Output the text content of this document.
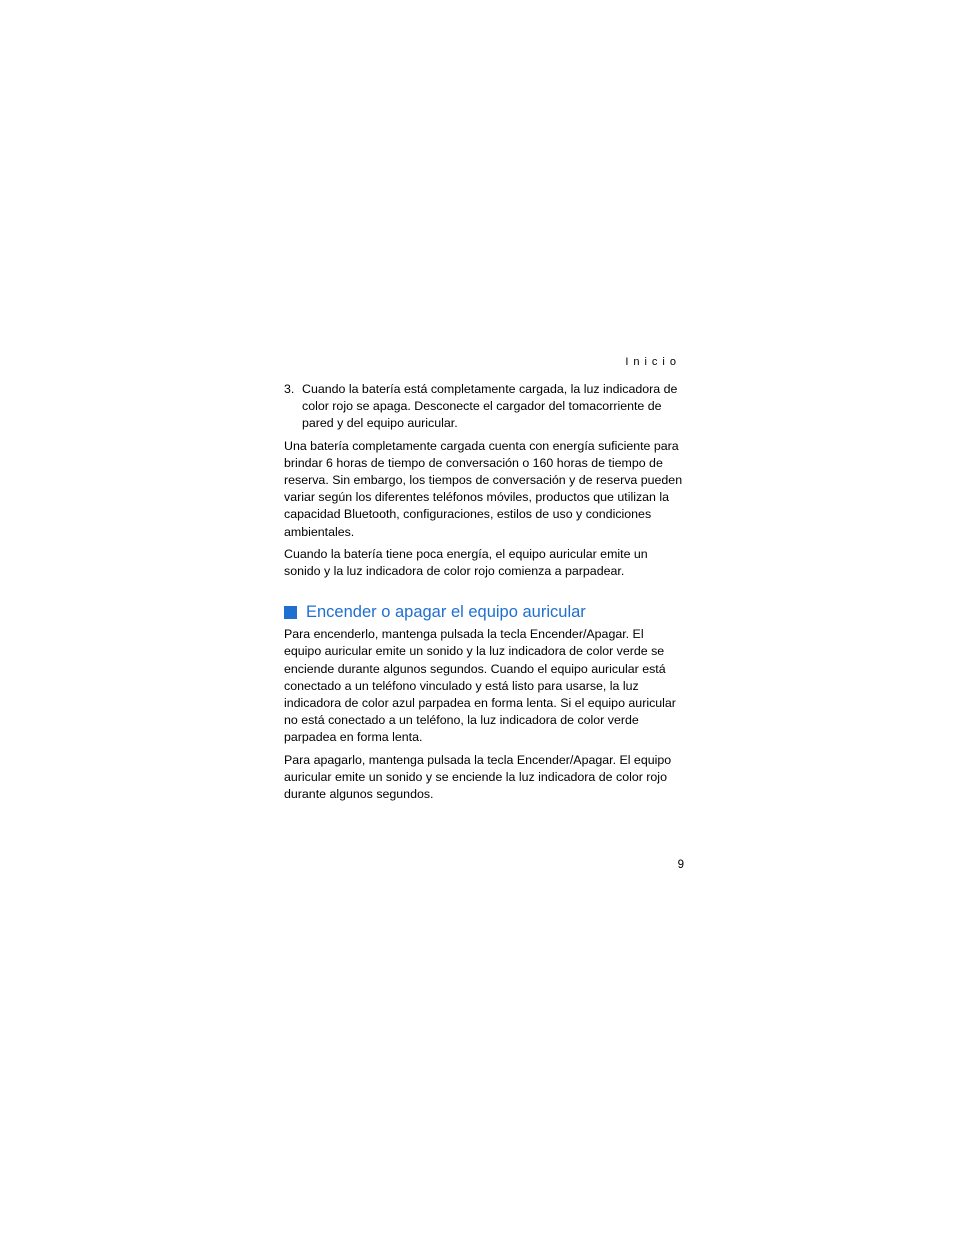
Inicio
3. Cuando la batería está completamente cargada, la luz indicadora de color rojo se apaga. Desconecte el cargador del tomacorriente de pared y del equipo auricular.

Una batería completamente cargada cuenta con energía suficiente para brindar 6 horas de tiempo de conversación o 160 horas de tiempo de reserva. Sin embargo, los tiempos de conversación y de reserva pueden variar según los diferentes teléfonos móviles, productos que utilizan la capacidad Bluetooth, configuraciones, estilos de uso y condiciones ambientales.

Cuando la batería tiene poca energía, el equipo auricular emite un sonido y la luz indicadora de color rojo comienza a parpadear.

Encender o apagar el equipo auricular

Para encenderlo, mantenga pulsada la tecla Encender/Apagar. El equipo auricular emite un sonido y la luz indicadora de color verde se enciende durante algunos segundos. Cuando el equipo auricular está conectado a un teléfono vinculado y está listo para usarse, la luz indicadora de color azul parpadea en forma lenta. Si el equipo auricular no está conectado a un teléfono, la luz indicadora de color verde parpadea en forma lenta.

Para apagarlo, mantenga pulsada la tecla Encender/Apagar. El equipo auricular emite un sonido y se enciende la luz indicadora de color rojo durante algunos segundos.

9
